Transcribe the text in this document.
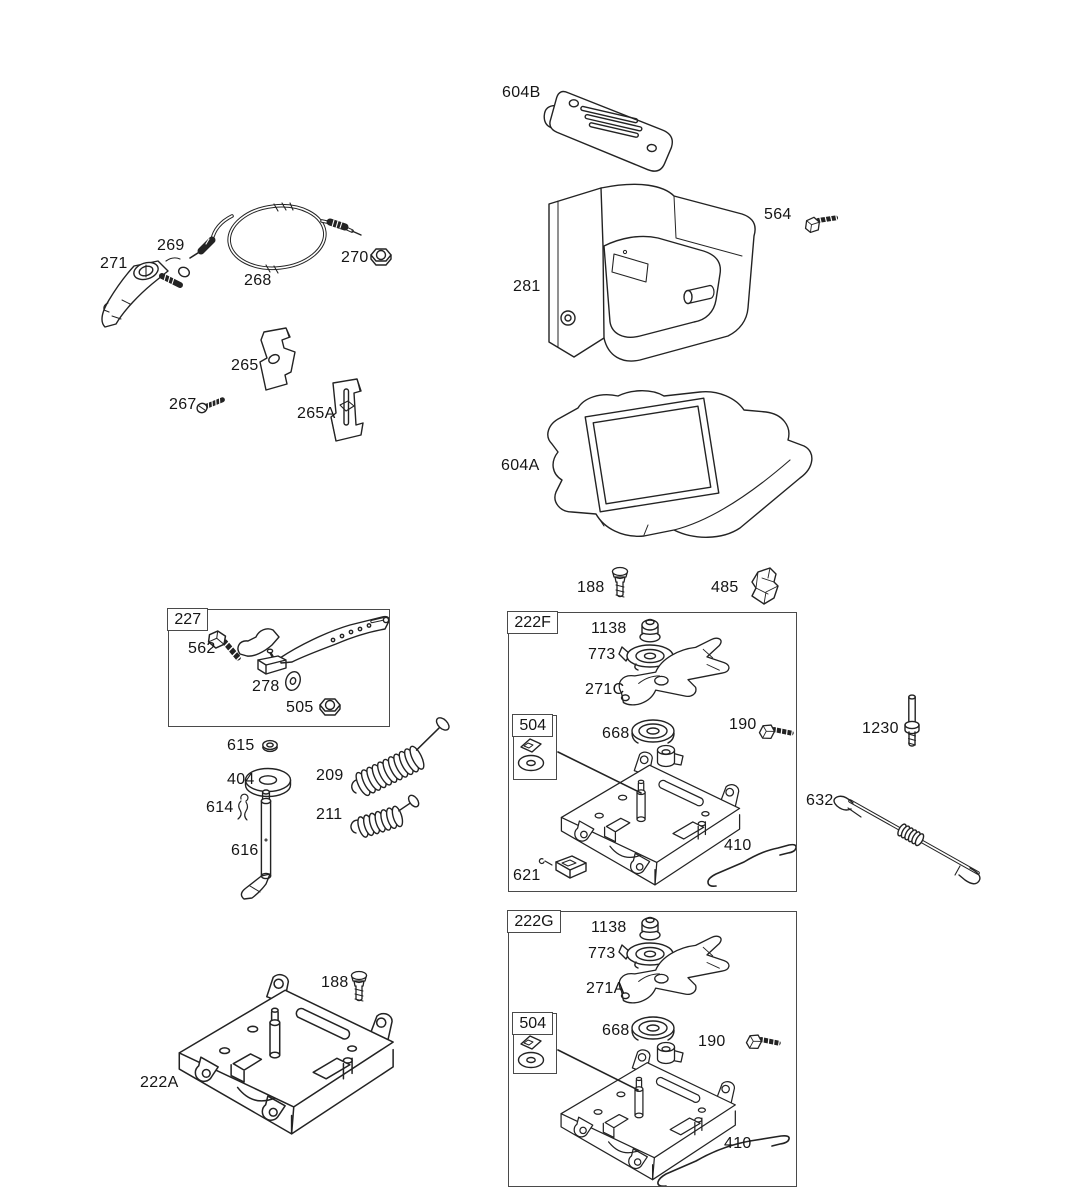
227	222F
504
222G
504
604B
269
271	270
268
564
281
265
267
265A
604A
188	485
562
278
505
615
404
614
616
209
211
1138
773
271C
668
190
621
410
1230
632
1138
773
271A
668
190
410
188
222A
